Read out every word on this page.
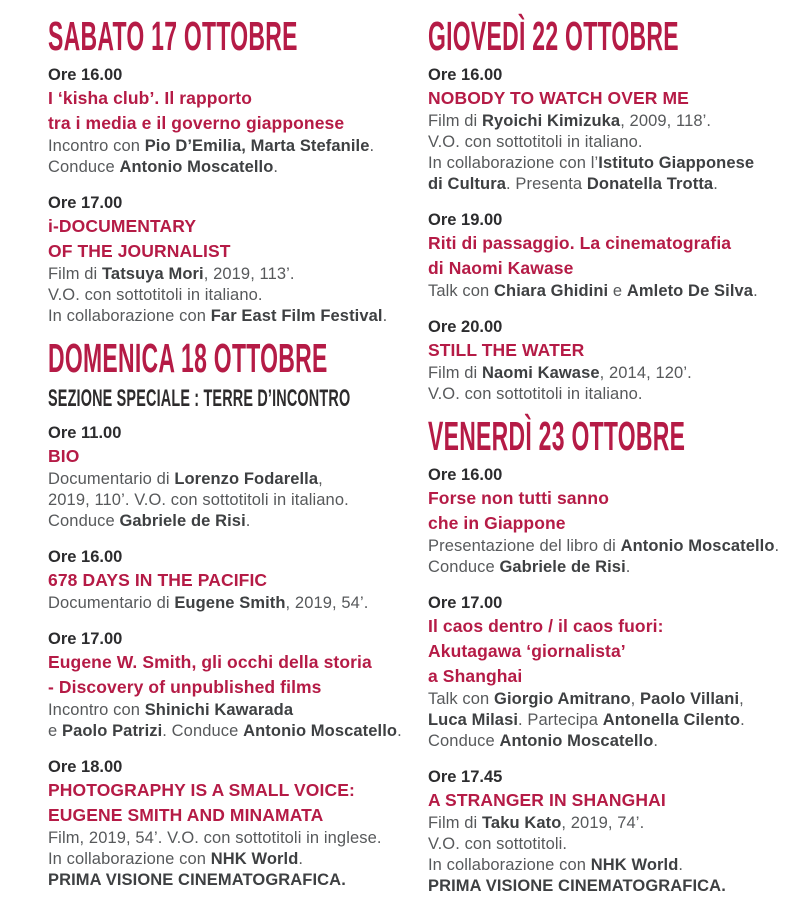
SABATO 17 OTTOBRE
Ore 16.00
I ‘kisha club’. Il rapporto
tra i media e il governo giapponese

Incontro con Pio D’Emilia, Marta Stefanile.

Conduce Antonio Moscatello.

Ore 17.00
i-DOCUMENTARY
OF THE JOURNALIST

Film di Tatsuya Mori, 2019, 113’.

V.O. con sottotitoli in italiano.

In collaborazione con Far East Film Festival.

DOMENICA 18 OTTOBRE
SEZIONE SPECIALE : TERRE D’INCONTRO
Ore 11.00
BIO

Documentario di Lorenzo Fodarella,

2019, 110’. V.O. con sottotitoli in italiano.

Conduce Gabriele de Risi.

Ore 16.00
678 DAYS IN THE PACIFIC

Documentario di Eugene Smith, 2019, 54’.

Ore 17.00
Eugene W. Smith, gli occhi della storia
- Discovery of unpublished films

Incontro con Shinichi Kawarada

e Paolo Patrizi. Conduce Antonio Moscatello.

Ore 18.00
PHOTOGRAPHY IS A SMALL VOICE:
EUGENE SMITH AND MINAMATA

Film, 2019, 54’. V.O. con sottotitoli in inglese.

In collaborazione con NHK World.

PRIMA VISIONE CINEMATOGRAFICA.

GIOVEDÌ 22 OTTOBRE
Ore 16.00
NOBODY TO WATCH OVER ME

Film di Ryoichi Kimizuka, 2009, 118’.

V.O. con sottotitoli in italiano.

In collaborazione con l’Istituto Giapponese

di Cultura. Presenta Donatella Trotta.

Ore 19.00
Riti di passaggio. La cinematografia
di Naomi Kawase

Talk con Chiara Ghidini e Amleto De Silva.

Ore 20.00
STILL THE WATER

Film di Naomi Kawase, 2014, 120’.

V.O. con sottotitoli in italiano.

VENERDÌ 23 OTTOBRE
Ore 16.00
Forse non tutti sanno
che in Giappone

Presentazione del libro di Antonio Moscatello.

Conduce Gabriele de Risi.

Ore 17.00
Il caos dentro / il caos fuori:
Akutagawa ‘giornalista’
a Shanghai

Talk con Giorgio Amitrano, Paolo Villani,

Luca Milasi. Partecipa Antonella Cilento.

Conduce Antonio Moscatello.

Ore 17.45
A STRANGER IN SHANGHAI

Film di Taku Kato, 2019, 74’.

V.O. con sottotitoli.

In collaborazione con NHK World.

PRIMA VISIONE CINEMATOGRAFICA.
